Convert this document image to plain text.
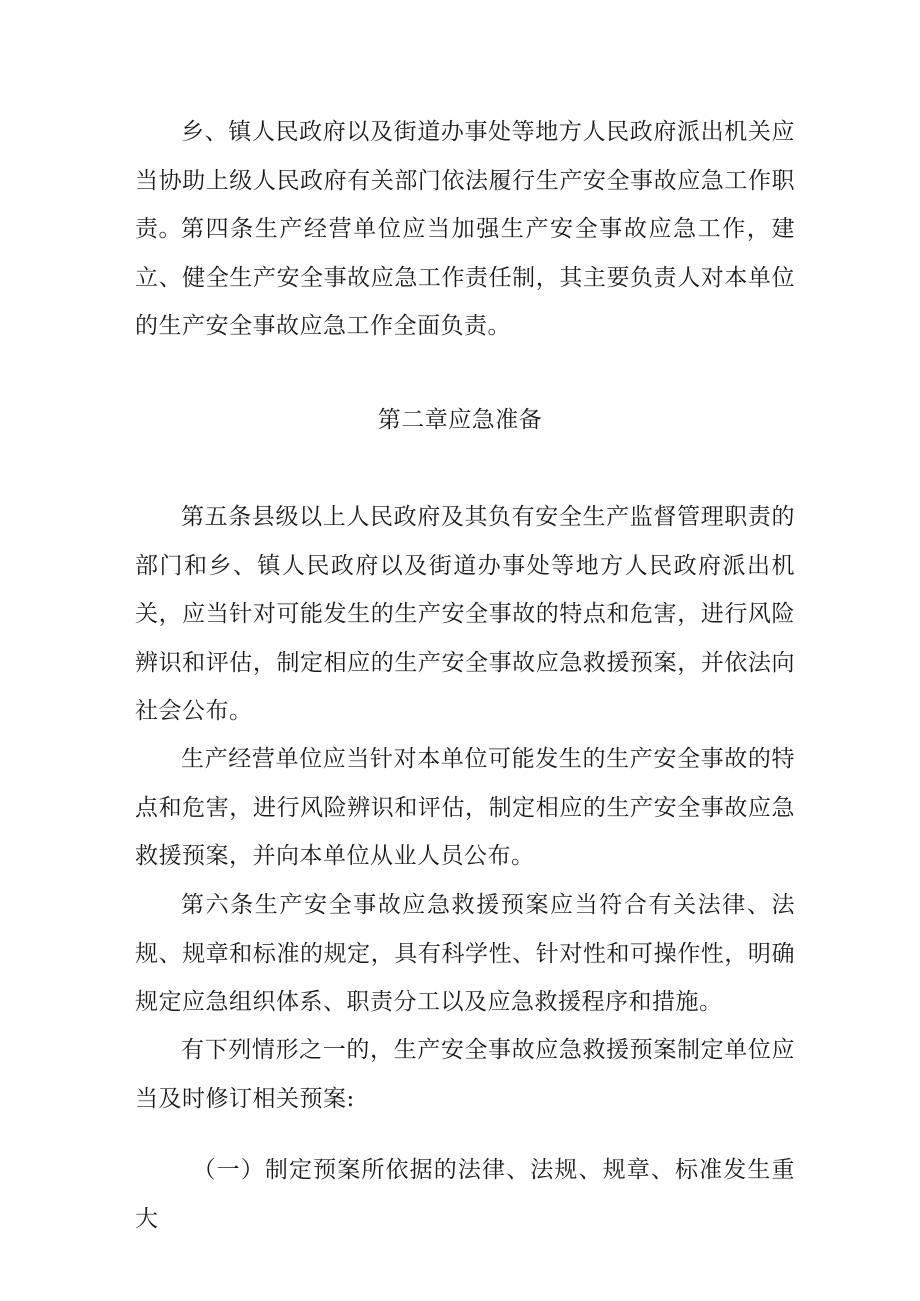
乡、镇人民政府以及街道办事处等地方人民政府派出机关应当协助上级人民政府有关部门依法履行生产安全事故应急工作职责。 第四条生产经营单位应当加强生产安全事故应急工作，建立、健全生产安全事故应急工作责任制，其主要负责人对本单位的生产安全事故应急工作全面负责。
第二章应急准备
第五条县级以上人民政府及其负有安全生产监督管理职责的部门和乡、镇人民政府以及街道办事处等地方人民政府派出机关，应当针对可能发生的生产安全事故的特点和危害，进行风险辨识和评估，制定相应的生产安全事故应急救援预案，并依法向社会公布。
生产经营单位应当针对本单位可能发生的生产安全事故的特点和危害，进行风险辨识和评估，制定相应的生产安全事故应急救援预案，并向本单位从业人员公布。
第六条生产安全事故应急救援预案应当符合有关法律、法规、规章和标准的规定，具有科学性、针对性和可操作性，明确规定应急组织体系、职责分工以及应急救援程序和措施。
有下列情形之一的，生产安全事故应急救援预案制定单位应当及时修订相关预案:
（一）制定预案所依据的法律、法规、规章、标准发生重大
